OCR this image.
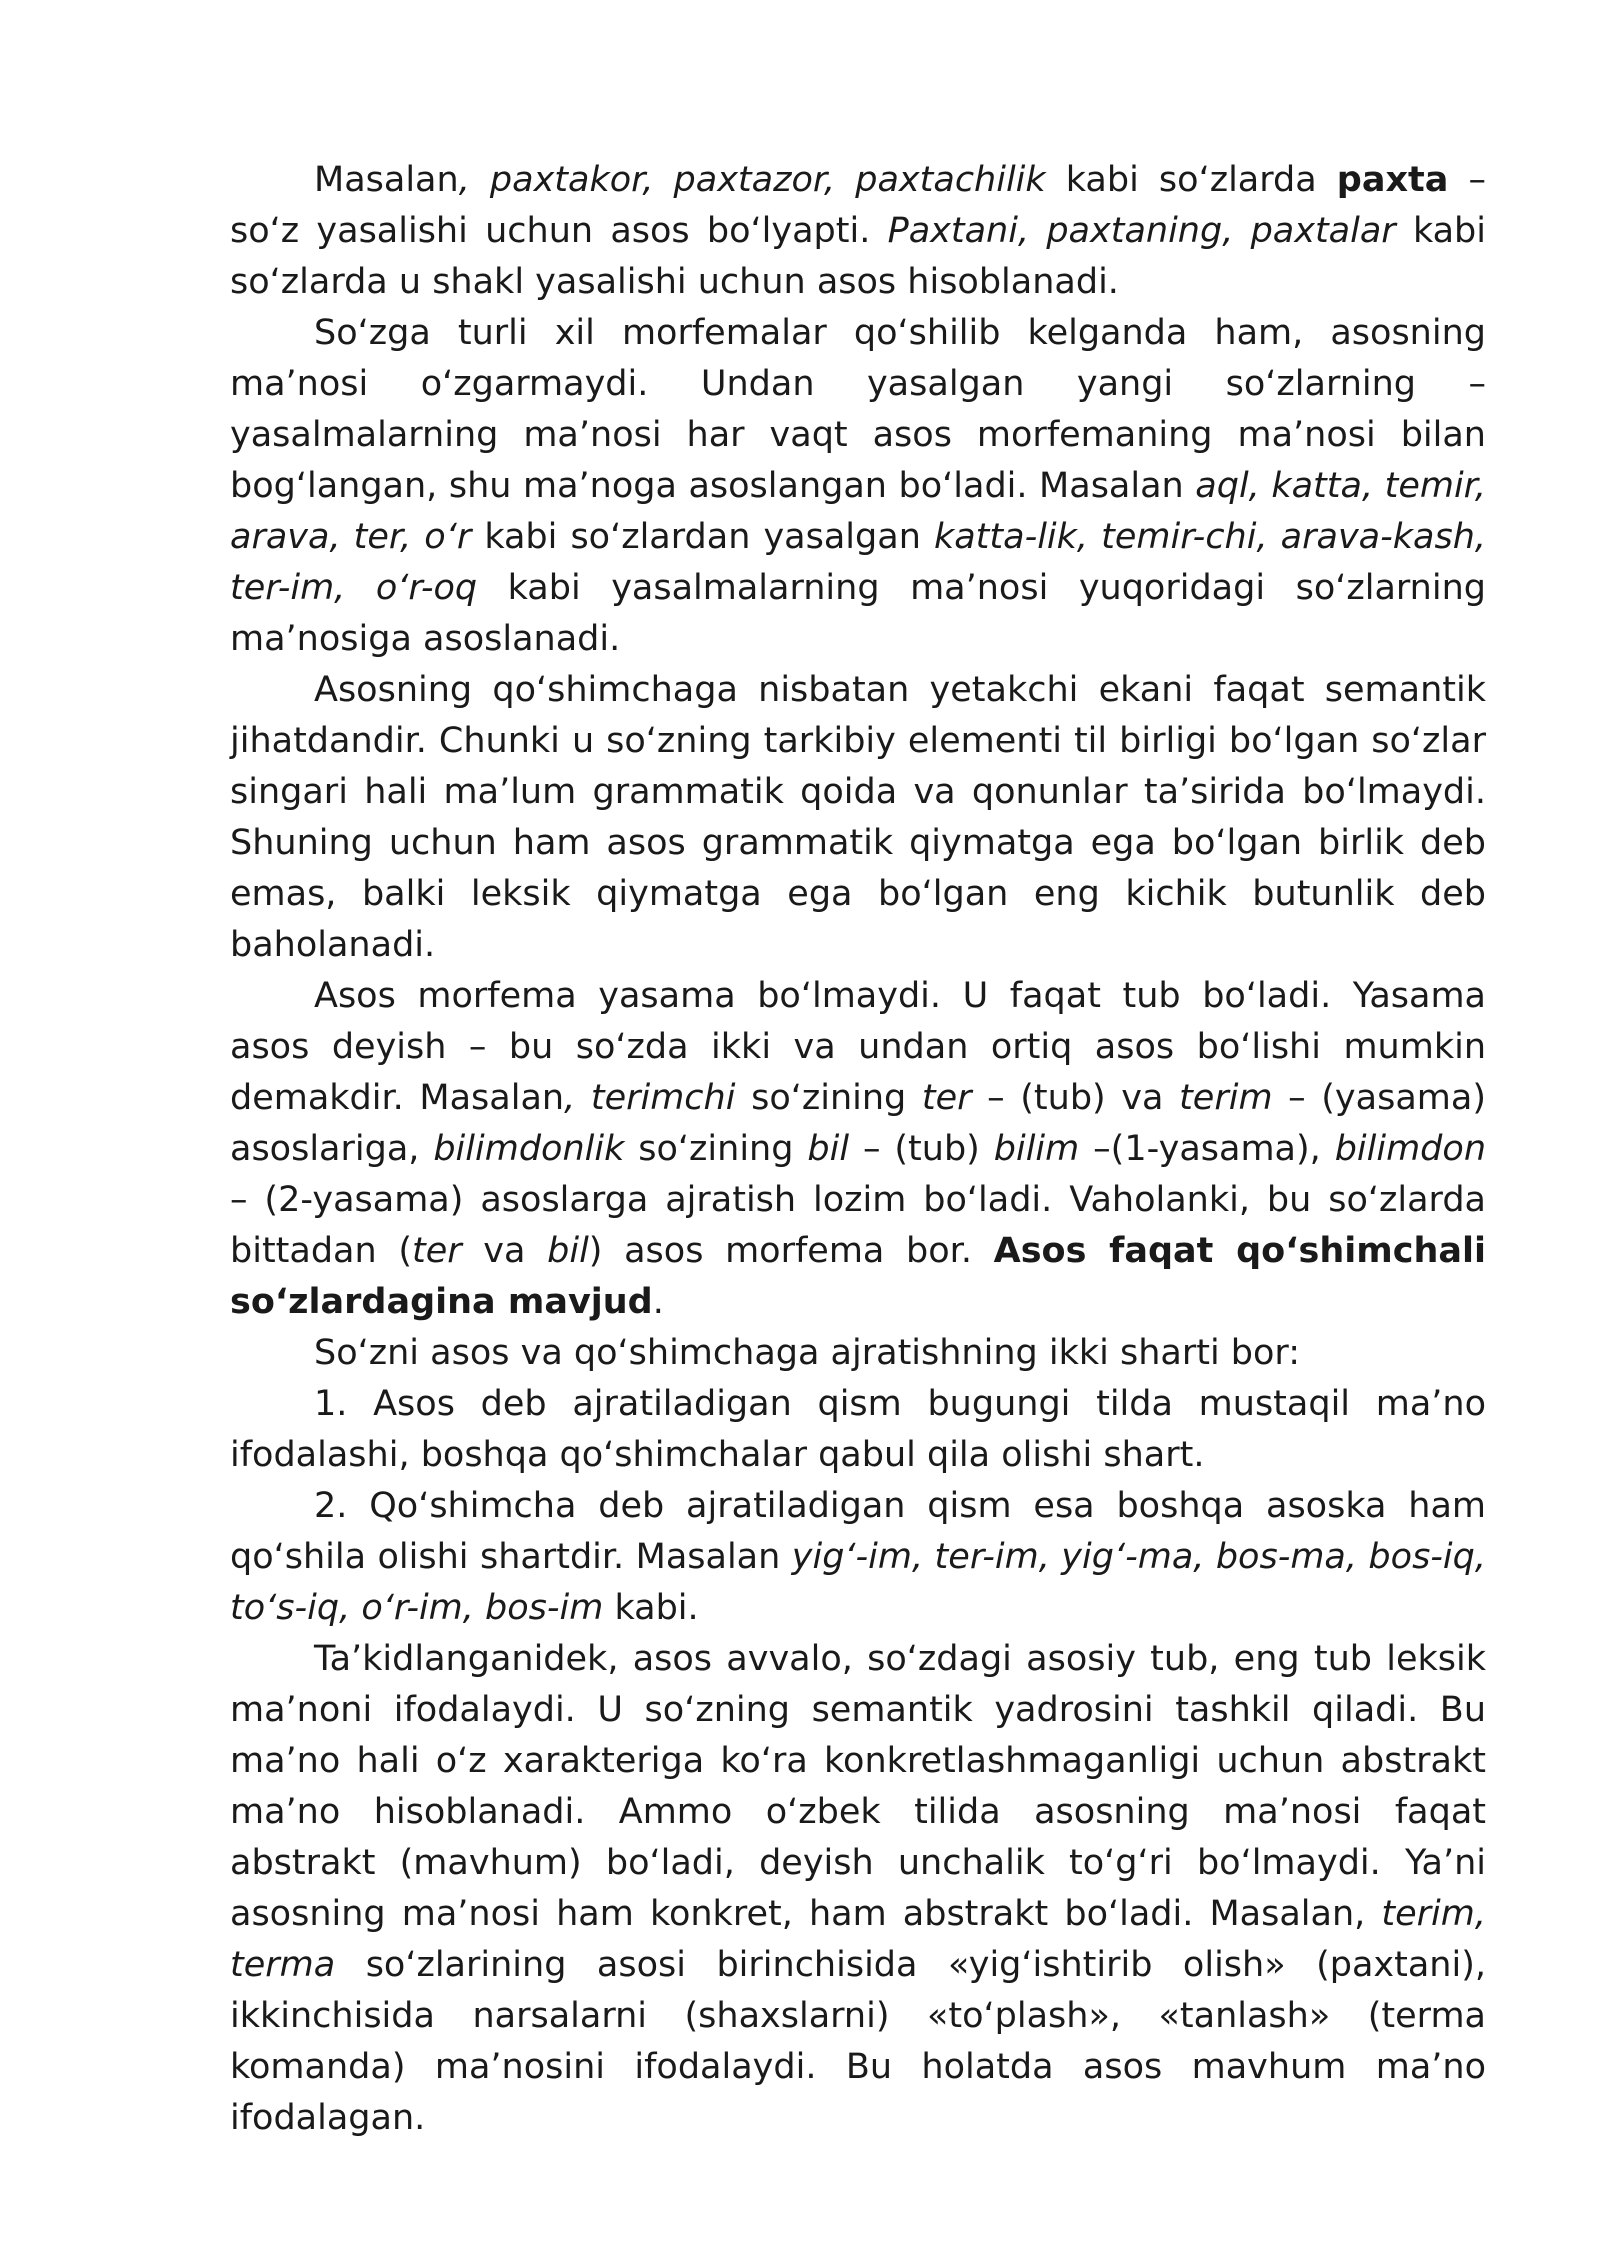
Masalan, paxtakor, paxtazor, paxtachilik kabi so‘zlarda paxta – so‘z yasalishi uchun asos bo‘lyapti. Paxtani, paxtaning, paxtalar kabi so‘zlarda u shakl yasalishi uchun asos hisoblanadi.

So‘zga turli xil morfemalar qo‘shilib kelganda ham, asosning ma’nosi o‘zgarmaydi. Undan yasalgan yangi so‘zlarning – yasalmalarning ma’nosi har vaqt asos morfemaning ma’nosi bilan bog‘langan, shu ma’noga asoslangan bo‘ladi. Masalan aql, katta, temir, arava, ter, o‘r kabi so‘zlardan yasalgan katta-lik, temir-chi, arava-kash, ter-im, o‘r-oq kabi yasalmalarning ma’nosi yuqoridagi so‘zlarning ma’nosiga asoslanadi.

Asosning qo‘shimchaga nisbatan yetakchi ekani faqat semantik jihatdandir. Chunki u so‘zning tarkibiy elementi til birligi bo‘lgan so‘zlar singari hali ma’lum grammatik qoida va qonunlar ta’sirida bo‘lmaydi. Shuning uchun ham asos grammatik qiymatga ega bo‘lgan birlik deb emas, balki leksik qiymatga ega bo‘lgan eng kichik butunlik deb baholanadi.

Asos morfema yasama bo‘lmaydi. U faqat tub bo‘ladi. Yasama asos deyish – bu so‘zda ikki va undan ortiq asos bo‘lishi mumkin demakdir. Masalan, terimchi so‘zining ter – (tub) va terim – (yasama) asoslariga, bilimdonlik so‘zining bil – (tub) bilim –(1-yasama), bilimdon – (2-yasama) asoslarga ajratish lozim bo‘ladi. Vaholanki, bu so‘zlarda bittadan (ter va bil) asos morfema bor. Asos faqat qo‘shimchali so‘zlardagina mavjud.

So‘zni asos va qo‘shimchaga ajratishning ikki sharti bor:

1. Asos deb ajratiladigan qism bugungi tilda mustaqil ma’no ifodalashi, boshqa qo‘shimchalar qabul qila olishi shart.

2. Qo‘shimcha deb ajratiladigan qism esa boshqa asoska ham qo‘shila olishi shartdir. Masalan yig‘-im, ter-im, yig‘-ma, bos-ma, bos-iq, to‘s-iq, o‘r-im, bos-im kabi.

Ta’kidlanganidek, asos avvalo, so‘zdagi asosiy tub, eng tub leksik ma’noni ifodalaydi. U so‘zning semantik yadrosini tashkil qiladi. Bu ma’no hali o‘z xarakteriga ko‘ra konkretlashmaganligi uchun abstrakt ma’no hisoblanadi. Ammo o‘zbek tilida asosning ma’nosi faqat abstrakt (mavhum) bo‘ladi, deyish unchalik to‘g‘ri bo‘lmaydi. Ya’ni asosning ma’nosi ham konkret, ham abstrakt bo‘ladi. Masalan, terim, terma so‘zlarining asosi birinchisida «yig‘ishtirib olish» (paxtani), ikkinchisida narsalarni (shaxslarni) «to‘plash», «tanlash» (terma komanda) ma’nosini ifodalaydi. Bu holatda asos mavhum ma’no ifodalagan.
